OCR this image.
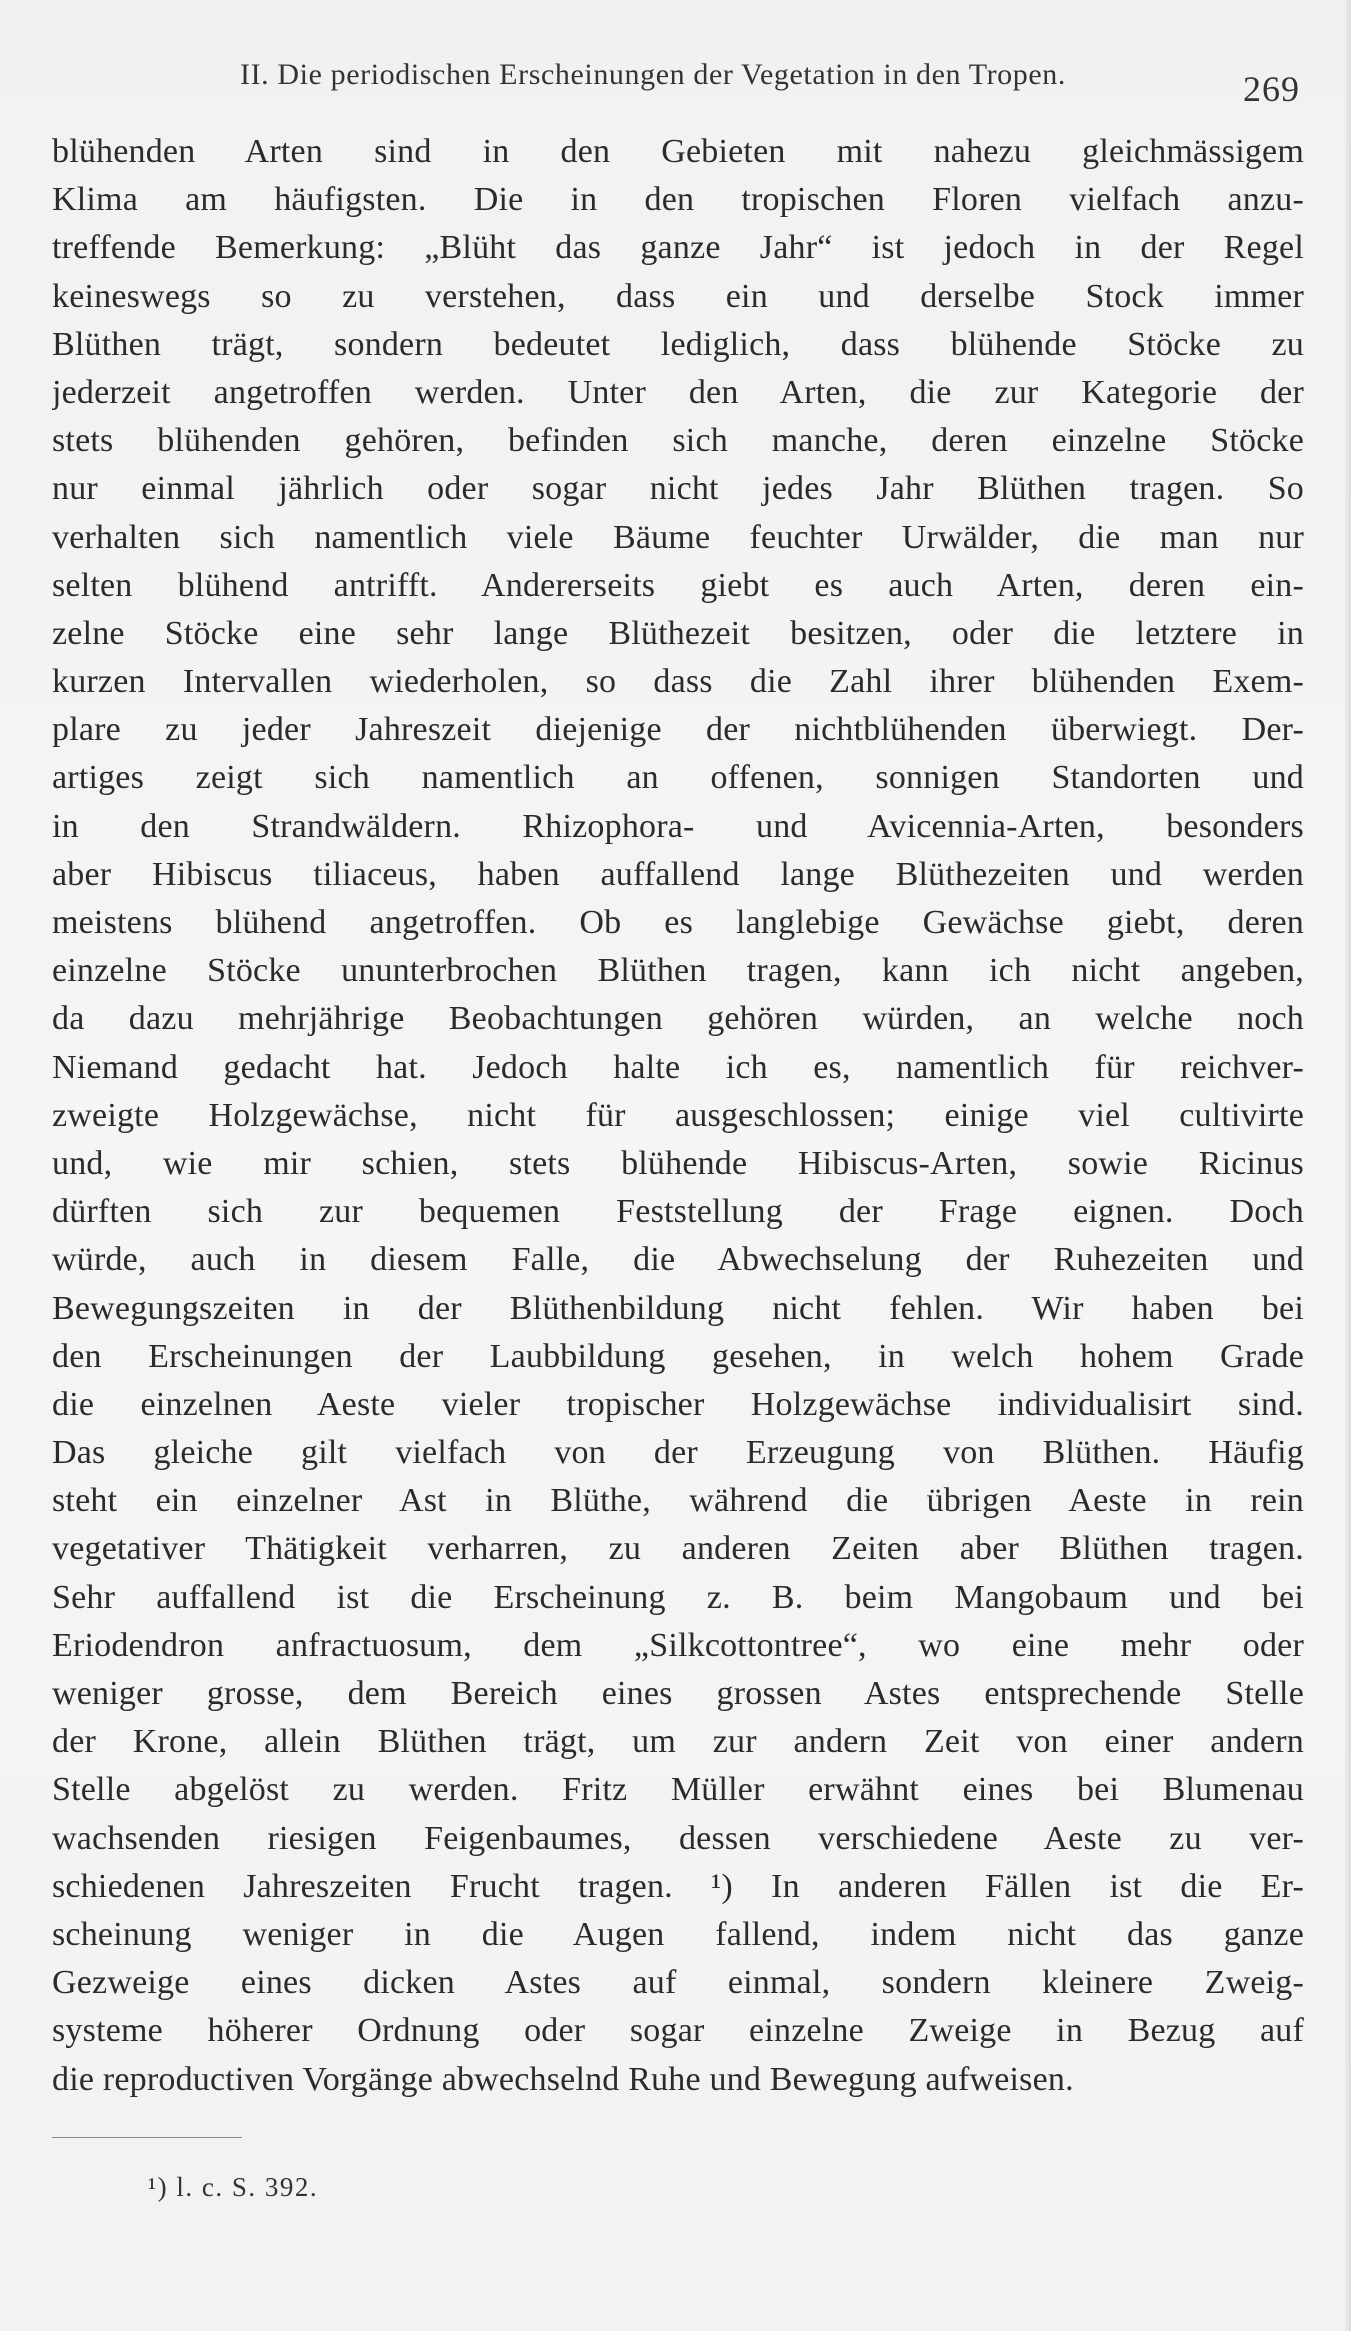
II. Die periodischen Erscheinungen der Vegetation in den Tropen.	269
blühenden Arten sind in den Gebieten mit nahezu gleichmässigem
Klima am häufigsten. Die in den tropischen Floren vielfach anzu-
treffende Bemerkung: „Blüht das ganze Jahr“ ist jedoch in der Regel
keineswegs so zu verstehen, dass ein und derselbe Stock immer
Blüthen trägt, sondern bedeutet lediglich, dass blühende Stöcke zu
jederzeit angetroffen werden. Unter den Arten, die zur Kategorie der
stets blühenden gehören, befinden sich manche, deren einzelne Stöcke
nur einmal jährlich oder sogar nicht jedes Jahr Blüthen tragen. So
verhalten sich namentlich viele Bäume feuchter Urwälder, die man nur
selten blühend antrifft. Andererseits giebt es auch Arten, deren ein-
zelne Stöcke eine sehr lange Blüthezeit besitzen, oder die letztere in
kurzen Intervallen wiederholen, so dass die Zahl ihrer blühenden Exem-
plare zu jeder Jahreszeit diejenige der nichtblühenden überwiegt. Der-
artiges zeigt sich namentlich an offenen, sonnigen Standorten und
in den Strandwäldern. Rhizophora- und Avicennia-Arten, besonders
aber Hibiscus tiliaceus, haben auffallend lange Blüthezeiten und werden
meistens blühend angetroffen. Ob es langlebige Gewächse giebt, deren
einzelne Stöcke ununterbrochen Blüthen tragen, kann ich nicht angeben,
da dazu mehrjährige Beobachtungen gehören würden, an welche noch
Niemand gedacht hat. Jedoch halte ich es, namentlich für reichver-
zweigte Holzgewächse, nicht für ausgeschlossen; einige viel cultivirte
und, wie mir schien, stets blühende Hibiscus-Arten, sowie Ricinus
dürften sich zur bequemen Feststellung der Frage eignen. Doch
würde, auch in diesem Falle, die Abwechselung der Ruhezeiten und
Bewegungszeiten in der Blüthenbildung nicht fehlen. Wir haben bei
den Erscheinungen der Laubbildung gesehen, in welch hohem Grade
die einzelnen Aeste vieler tropischer Holzgewächse individualisirt sind.
Das gleiche gilt vielfach von der Erzeugung von Blüthen. Häufig
steht ein einzelner Ast in Blüthe, während die übrigen Aeste in rein
vegetativer Thätigkeit verharren, zu anderen Zeiten aber Blüthen tragen.
Sehr auffallend ist die Erscheinung z. B. beim Mangobaum und bei
Eriodendron anfractuosum, dem „Silkcottontree“, wo eine mehr oder
weniger grosse, dem Bereich eines grossen Astes entsprechende Stelle
der Krone, allein Blüthen trägt, um zur andern Zeit von einer andern
Stelle abgelöst zu werden. Fritz Müller erwähnt eines bei Blumenau
wachsenden riesigen Feigenbaumes, dessen verschiedene Aeste zu ver-
schiedenen Jahreszeiten Frucht tragen. ¹) In anderen Fällen ist die Er-
scheinung weniger in die Augen fallend, indem nicht das ganze
Gezweige eines dicken Astes auf einmal, sondern kleinere Zweig-
systeme höherer Ordnung oder sogar einzelne Zweige in Bezug auf
die reproductiven Vorgänge abwechselnd Ruhe und Bewegung aufweisen.
¹) l. c. S. 392.
